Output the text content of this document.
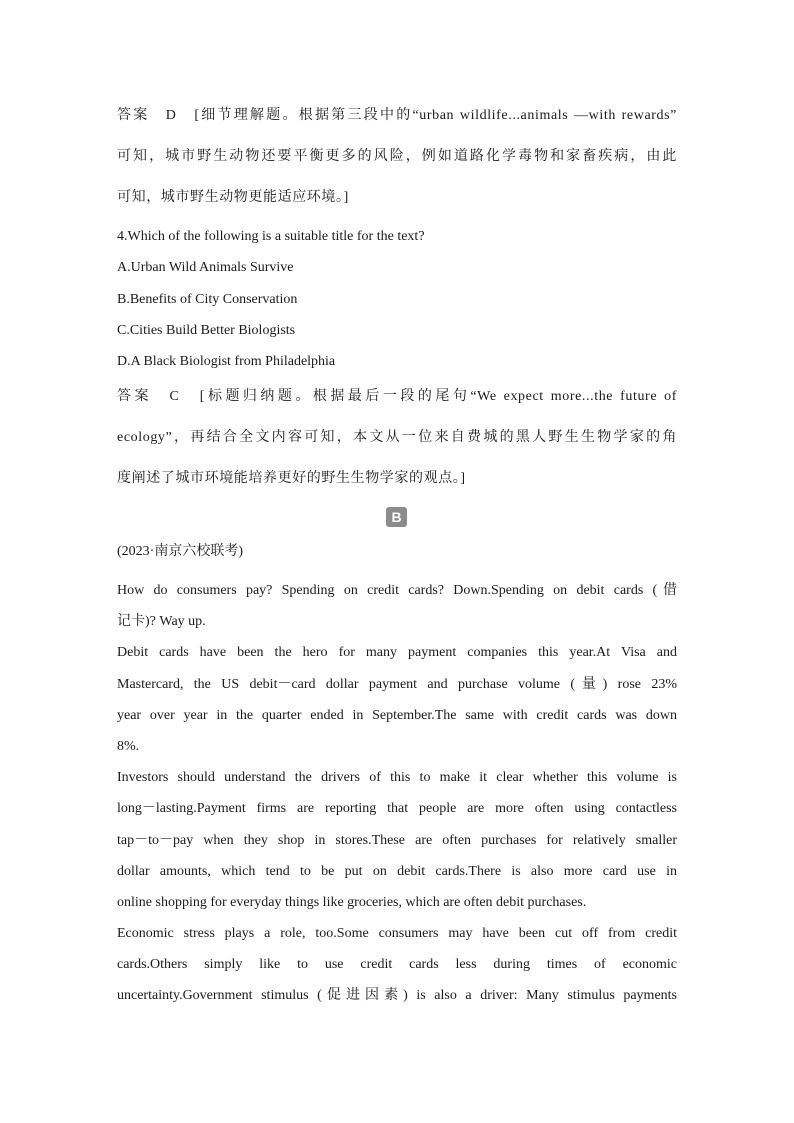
答案　D　[细节理解题。根据第三段中的“urban wildlife...animals —with rewards”
可知，城市野生动物还要平衡更多的风险，例如道路化学毒物和家畜疾病，由此
可知，城市野生动物更能适应环境。]
4.Which of the following is a suitable title for the text?
A.Urban Wild Animals Survive
B.Benefits of City Conservation
C.Cities Build Better Biologists
D.A Black Biologist from Philadelphia
答案　C　[标题归纳题。根据最后一段的尾句“We expect more...the future of
ecology”，再结合全文内容可知，本文从一位来自费城的黑人野生生物学家的角
度阐述了城市环境能培养更好的野生生物学家的观点。]
B
(2023·南京六校联考)
How do consumers pay? Spending on credit cards? Down.Spending on debit cards (借
记卡)? Way up.
Debit cards have been the hero for many payment companies this year.At Visa and
Mastercard, the US debit－card dollar payment and purchase volume (量) rose 23%
year over year in the quarter ended in September.The same with credit cards was down
8%.
Investors should understand the drivers of this to make it clear whether this volume is
long－lasting.Payment firms are reporting that people are more often using contactless
tap－to－pay when they shop in stores.These are often purchases for relatively smaller
dollar amounts, which tend to be put on debit cards.There is also more card use in
online shopping for everyday things like groceries, which are often debit purchases.
Economic stress plays a role, too.Some consumers may have been cut off from credit
cards.Others simply like to use credit cards less during times of economic
uncertainty.Government stimulus (促进因素) is also a driver: Many stimulus payments
